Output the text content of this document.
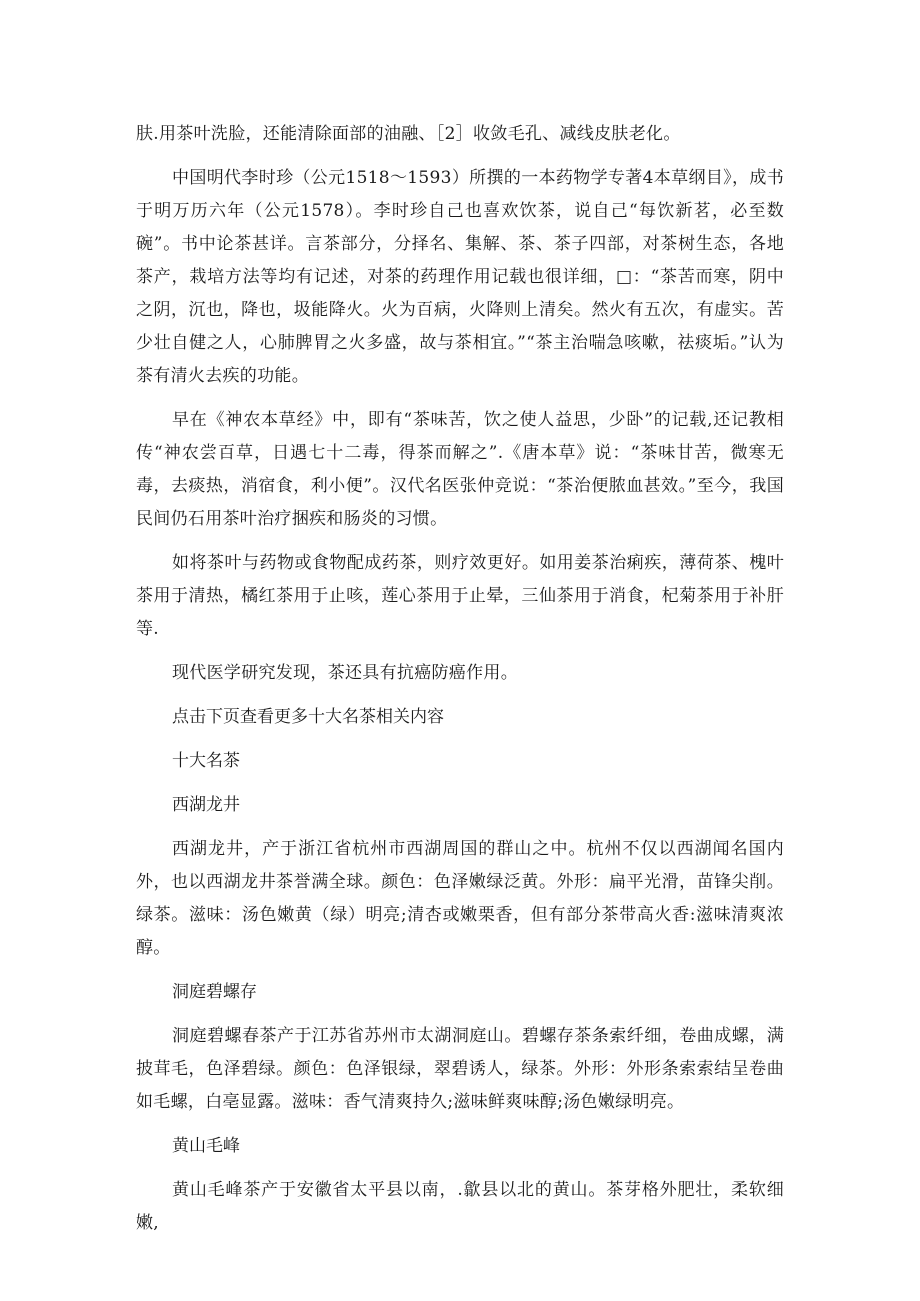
肤.用茶叶洗脸，还能清除面部的油融、［2］收敛毛孔、减线皮肤老化。

中国明代李时珍（公元1518〜1593）所撰的一本药物学专著4本草纲目》，成书于明万历六年（公元1578）。李时珍自己也喜欢饮茶，说自己“每饮新茗，必至数碗”。书中论茶甚详。言茶部分，分择名、集解、茶、茶子四部，对茶树生态，各地茶产，栽培方法等均有记述，对茶的药理作用记载也很详细，□：“茶苦而寒，阴中之阴，沉也，降也，圾能降火。火为百病，火降则上清矣。然火有五次，有虚实。苦少壮自健之人，心肺脾胃之火多盛，故与茶相宜。”“茶主治喘急咳嗽，祛痰垢。”认为茶有清火去疾的功能。

早在《神农本草经》中，即有“茶味苦，饮之使人益思，少卧”的记载,还记教相传“神农尝百草，日遇七十二毒，得茶而解之”.《唐本草》说：“茶味甘苦，微寒无毒，去痰热，消宿食，利小便”。汉代名医张仲竞说：“茶治便脓血甚效。”至今，我国民间仍石用茶叶治疗捆疾和肠炎的习惯。

如将茶叶与药物或食物配成药茶，则疗效更好。如用姜茶治痢疾，薄荷茶、槐叶茶用于清热，橘红茶用于止咳，莲心茶用于止晕，三仙茶用于消食，杞菊茶用于补肝等.

现代医学研究发现，茶还具有抗癌防癌作用。

点击下页查看更多十大名茶相关内容

十大名茶

西湖龙井

西湖龙井，产于浙江省杭州市西湖周国的群山之中。杭州不仅以西湖闻名国内外，也以西湖龙井茶誉满全球。颜色：色泽嫩绿泛黄。外形：扁平光滑，苗锋尖削。绿茶。滋味：汤色嫩黄（绿）明亮;清杏或嫩栗香，但有部分茶带高火香:滋味清爽浓醇。

洞庭碧螺存

洞庭碧螺春茶产于江苏省苏州市太湖洞庭山。碧螺存茶条索纤细，卷曲成螺，满披茸毛，色泽碧绿。颜色：色泽银绿，翠碧诱人，绿茶。外形：外形条索索结呈卷曲如毛螺，白亳显露。滋味：香气清爽持久;滋味鲜爽味醇;汤色嫩绿明亮。

黄山毛峰

黄山毛峰茶产于安徽省太平县以南，.歙县以北的黄山。茶芽格外肥壮，柔软细嫩,
